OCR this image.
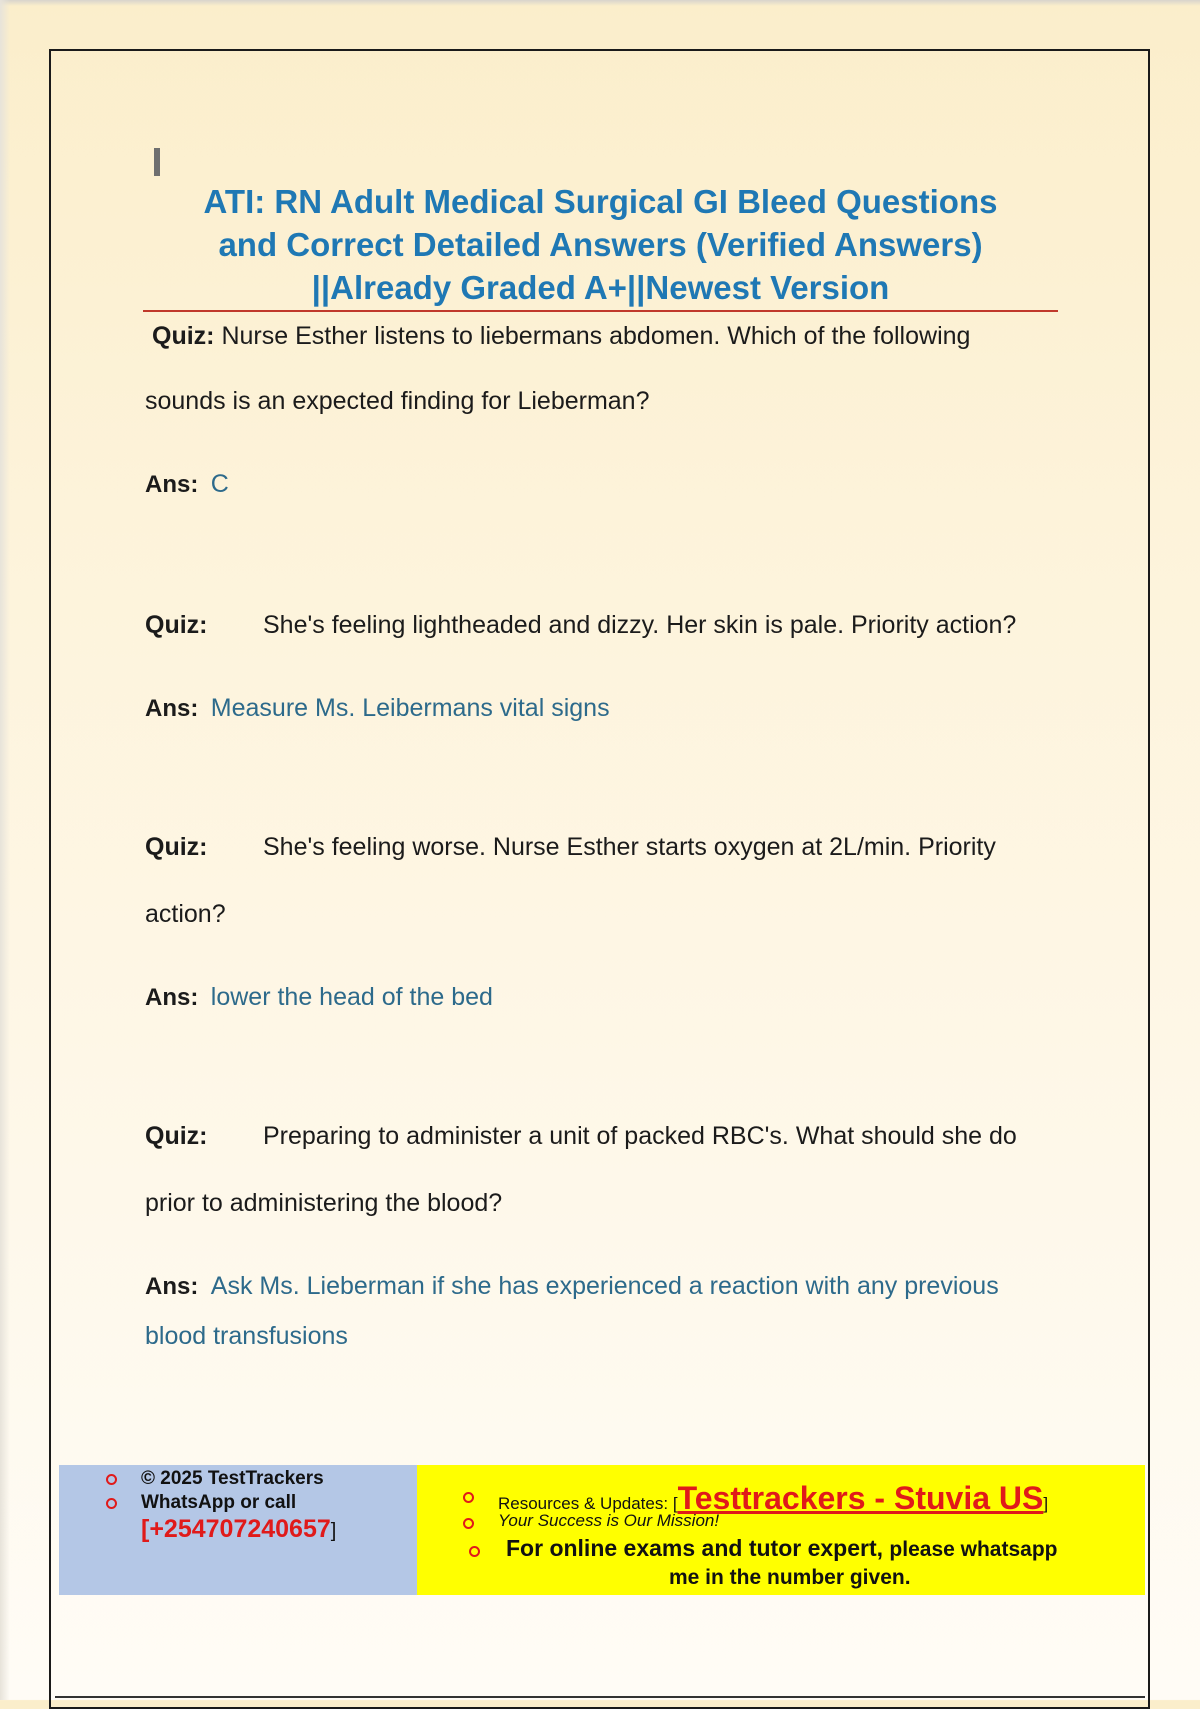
ATI: RN Adult Medical Surgical GI Bleed Questions
and Correct Detailed Answers (Verified Answers)
||Already Graded A+||Newest Version
Quiz: Nurse Esther listens to liebermans abdomen. Which of the following
sounds is an expected finding for Lieberman?
Ans: C
Quiz: She's feeling lightheaded and dizzy. Her skin is pale. Priority action?
Ans: Measure Ms. Leibermans vital signs
Quiz: She's feeling worse. Nurse Esther starts oxygen at 2L/min. Priority
action?
Ans: lower the head of the bed
Quiz: Preparing to administer a unit of packed RBC's. What should she do
prior to administering the blood?
Ans: Ask Ms. Lieberman if she has experienced a reaction with any previous
blood transfusions
© 2025 TestTrackers
WhatsApp or call
[+254707240657]
Resources & Updates: [Testtrackers - Stuvia US]
Your Success is Our Mission!
For online exams and tutor expert, please whatsapp
me in the number given.
